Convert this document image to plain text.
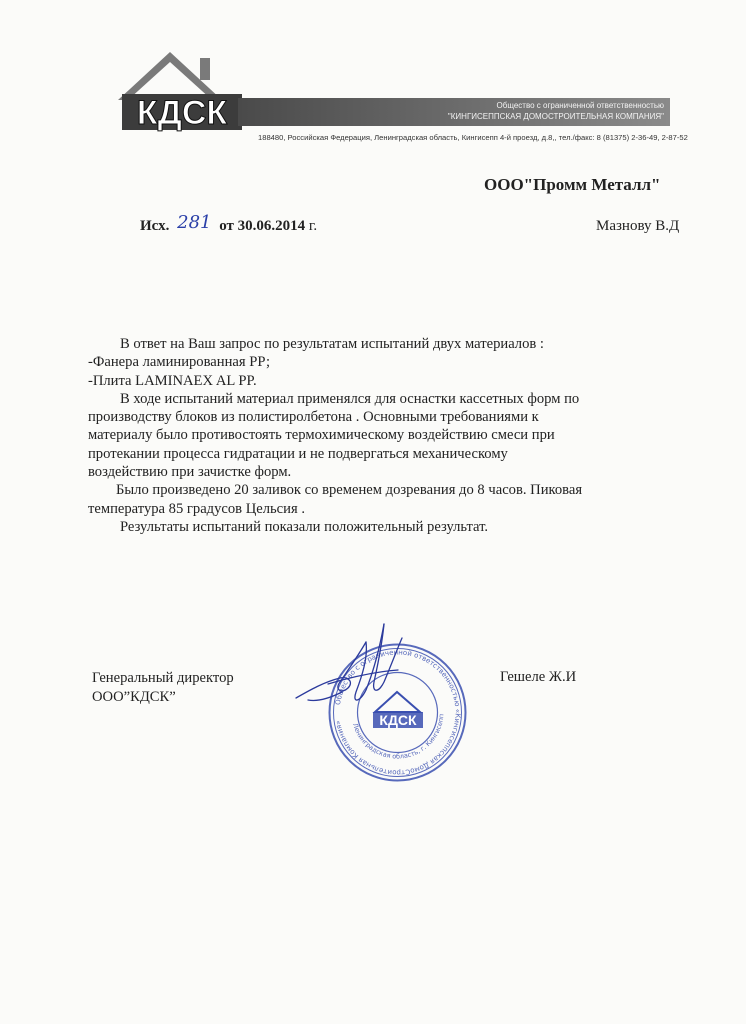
КДСК	Общество с ограниченной ответственностью
"КИНГИСЕППСКАЯ ДОМОСТРОИТЕЛЬНАЯ КОМПАНИЯ"
188480, Российская Федерация, Ленинградская область, Кингисепп 4-й проезд, д.8,, тел./факс: 8 (81375) 2-36-49, 2-87-52
ООО"Промм Металл"
Исх. 281 от 30.06.2014 г.	Мазнову В.Д

В ответ на Ваш запрос по результатам испытаний двух материалов :

-Фанера ламинированная РР;

-Плита LAMINAEX AL PP.

В ходе испытаний материал применялся для оснастки кассетных форм по

производству блоков из полистиролбетона . Основными требованиями к

материалу было противостоять термохимическому воздействию смеси при

протекании процесса гидратации и не подвергаться механическому

воздействию при зачистке форм.

Было произведено 20 заливок со временем дозревания до 8 часов. Пиковая

температура 85 градусов Цельсия .

Результаты испытаний показали положительный результат.

Генеральный директор
ООО”КДСК”
Гешеле Ж.И
Общество с ограниченной ответственностью «Кингисеппская ДомоСтроительная Компания»	Ленинградская область, г. Кингисепп
КДСК
